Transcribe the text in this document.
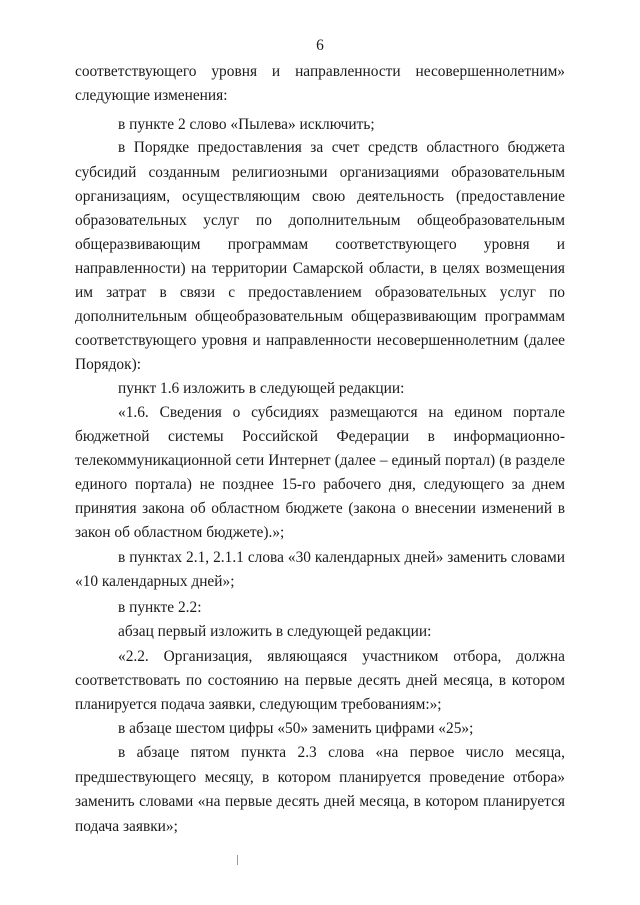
6
соответствующего уровня и направленности несовершеннолетним»
следующие изменения:
в пункте 2 слово «Пылева» исключить;
в Порядке предоставления за счет средств областного бюджета
субсидий созданным религиозными организациями образовательным
организациям, осуществляющим свою деятельность (предоставление
образовательных услуг по дополнительным общеобразовательным
общеразвивающим программам соответствующего уровня и
направленности) на территории Самарской области, в целях возмещения
им затрат в связи с предоставлением образовательных услуг по
дополнительным общеобразовательным общеразвивающим программам
соответствующего уровня и направленности несовершеннолетним (далее
Порядок):
пункт 1.6 изложить в следующей редакции:
«1.6. Сведения о субсидиях размещаются на едином портале
бюджетной системы Российской Федерации в информационно-
телекоммуникационной сети Интернет (далее – единый портал) (в разделе
единого портала) не позднее 15-го рабочего дня, следующего за днем
принятия закона об областном бюджете (закона о внесении изменений в
закон об областном бюджете).»;
в пунктах 2.1, 2.1.1 слова «30 календарных дней» заменить словами
«10 календарных дней»;
в пункте 2.2:
абзац первый изложить в следующей редакции:
«2.2. Организация, являющаяся участником отбора, должна
соответствовать по состоянию на первые десять дней месяца, в котором
планируется подача заявки, следующим требованиям:»;
в абзаце шестом цифры «50» заменить цифрами «25»;
в абзаце пятом пункта 2.3 слова «на первое число месяца,
предшествующего месяцу, в котором планируется проведение отбора»
заменить словами «на первые десять дней месяца, в котором планируется
подача заявки»;
